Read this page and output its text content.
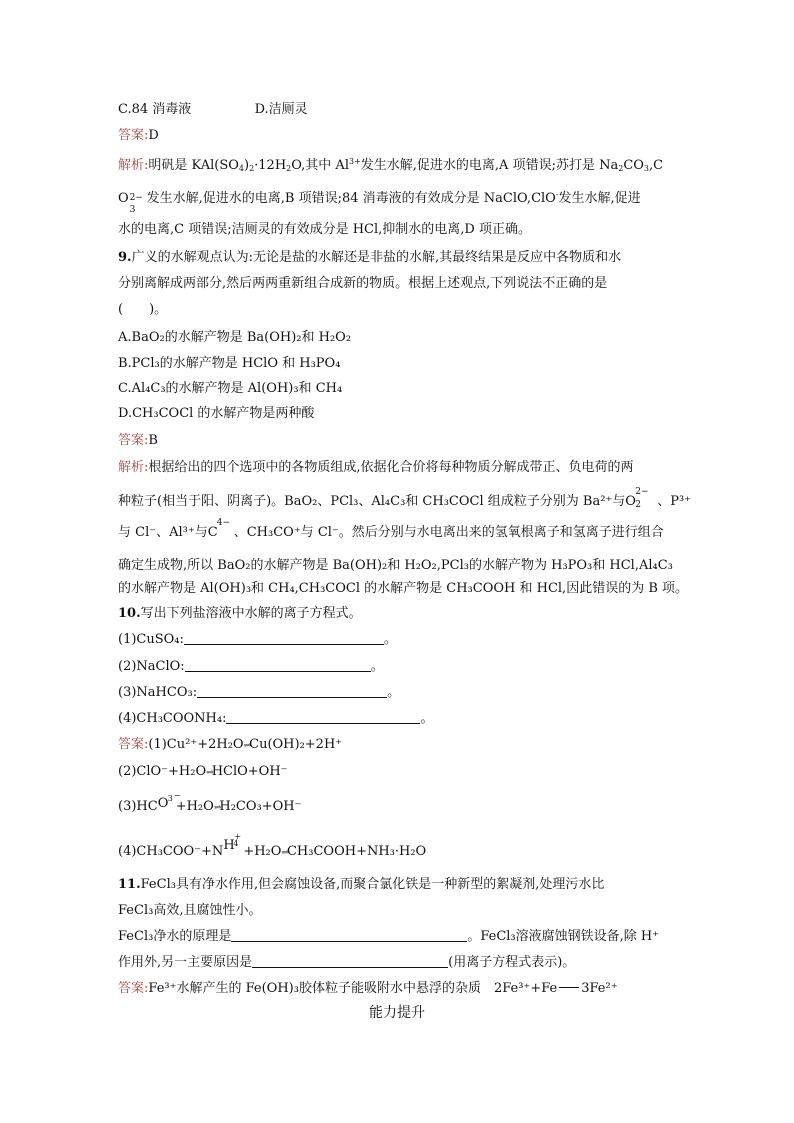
C.84 消毒液	D.洁厕灵
答案:D
解析:明矾是 $KAl(SO_4)_2\cdot 12H_2O$,其中 $Al^{3+}$发生水解,促进水的电离,A 项错误;苏打是 $Na_2CO_3,C$
O 2−
3
发生水解,促进水的电离,B 项错误;84 消毒液的有效成分是 NaClO,ClO-发生水解,促进
水的电离,C 项错误;洁厕灵的有效成分是 HCl,抑制水的电离,D 项正确。
9.广义的水解观点认为:无论是盐的水解还是非盐的水解,其最终结果是反应中各物质和水
分别离解成两部分,然后两两重新组合成新的物质。根据上述观点,下列说法不正确的是
(　　)。
A.BaO₂的水解产物是 Ba(OH)₂和 H₂O₂
B.PCl₃的水解产物是 HClO 和 H₃PO₄
C.Al₄C₃的水解产物是 Al(OH)₃和 CH₄
D.CH₃COCl 的水解产物是两种酸
答案:B
解析:根据给出的四个选项中的各物质组成,依据化合价将每种物质分解成带正、负电荷的两
种粒子(相当于阳、阴离子)。BaO₂、PCl₃、Al₄C₃和 CH₃COCl 组成粒子分别为 Ba²⁺与O
2−
2 、P³⁺
与 Cl⁻、Al³⁺与C
4−
、CH₃CO⁺与 Cl⁻。然后分别与水电离出来的氢氧根离子和氢离子进行组合
确定生成物,所以 BaO₂的水解产物是 Ba(OH)₂和 H₂O₂,PCl₃的水解产物为 H₃PO₃和 HCl,Al₄C₃
的水解产物是 Al(OH)₃和 CH₄,CH₃COCl 的水解产物是 CH₃COOH 和 HCl,因此错误的为 B 项。
10.写出下列盐溶液中水解的离子方程式。
(1)CuSO₄:	。
(2)NaClO:	。
(3)NaHCO₃:	。
(4)CH₃COONH₄:	。
答案:(1)Cu²⁺+2H₂O⇌Cu(OH)₂+2H⁺
(2)ClO⁻+H₂O⇌HClO+OH⁻
(3)HCO 3 −
+H₂O⇌H₂CO₃+OH⁻
(4)CH₃COO⁻+NH
4
+
+H₂O⇌CH₃COOH+NH₃·H₂O
11.FeCl₃具有净水作用,但会腐蚀设备,而聚合氯化铁是一种新型的絮凝剂,处理污水比
FeCl₃高效,且腐蚀性小。
FeCl₃净水的原理是	。FeCl₃溶液腐蚀钢铁设备,除 H⁺
作用外,另一主要原因是	(用离子方程式表示)。
答案:Fe³⁺水解产生的 Fe(OH)₃胶体粒子能吸附水中悬浮的杂质　2Fe³⁺+Fe 3Fe²⁺
能力提升
